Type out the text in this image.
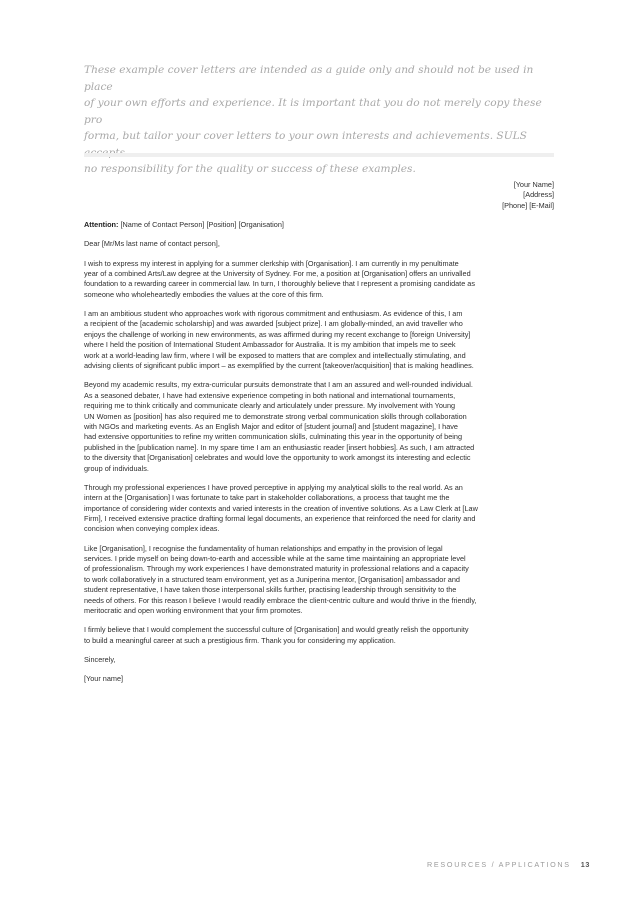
These example cover letters are intended as a guide only and should not be used in place
of your own efforts and experience. It is important that you do not merely copy these pro
forma, but tailor your cover letters to your own interests and achievements. SULS
no responsibility for the quality or success of these examples.
[Your Name]
[Address]
[Phone] [E-Mail]

Attention: [Name of Contact Person] [Position] [Organisation]

Dear [Mr/Ms last name of contact person],

I wish to express my interest in applying for a summer clerkship with [Organisation]. I am currently in my penultimate
year of a combined Arts/Law degree at the University of Sydney. For me, a position at [Organisation] offers an unrivalled
foundation to a rewarding career in commercial law. In turn, I thoroughly believe that I represent a promising candidate as
someone who wholeheartedly embodies the values at the core of this firm.

I am an ambitious student who approaches work with rigorous commitment and enthusiasm. As evidence of this, I am
a recipient of the [academic scholarship] and was awarded [subject prize]. I am globally-minded, an avid traveller who
enjoys the challenge of working in new environments, as was affirmed during my recent exchange to [foreign University]
where I held the position of International Student Ambassador for Australia. It is my ambition that impels me to seek
work at a world-leading law firm, where I will be exposed to matters that are complex and intellectually stimulating, and
advising clients of significant public import – as exemplified by the current [takeover/acquisition] that is making headlines.

Beyond my academic results, my extra-curricular pursuits demonstrate that I am an assured and well-rounded individual.
As a seasoned debater, I have had extensive experience competing in both national and international tournaments,
requiring me to think critically and communicate clearly and articulately under pressure. My involvement with Young
UN Women as [position] has also required me to demonstrate strong verbal communication skills through collaboration
with NGOs and marketing events. As an English Major and editor of [student journal] and [student magazine], I have
had extensive opportunities to refine my written communication skills, culminating this year in the opportunity of being
published in the [publication name]. In my spare time I am an enthusiastic reader [insert hobbies]. As such, I am attracted
to the diversity that [Organisation] celebrates and would love the opportunity to work amongst its interesting and eclectic
group of individuals.

Through my professional experiences I have proved perceptive in applying my analytical skills to the real world. As an
intern at the [Organisation] I was fortunate to take part in stakeholder collaborations, a process that taught me the
importance of considering wider contexts and varied interests in the creation of inventive solutions. As a Law Clerk at [Law
Firm], I received extensive practice drafting formal legal documents, an experience that reinforced the need for clarity and
concision when conveying complex ideas.

Like [Organisation], I recognise the fundamentality of human relationships and empathy in the provision of legal
services. I pride myself on being down-to-earth and accessible while at the same time maintaining an appropriate level
of professionalism. Through my work experiences I have demonstrated maturity in professional relations and a capacity
to work collaboratively in a structured team environment, yet as a Juniperina mentor, [Organisation] ambassador and
student representative, I have taken those interpersonal skills further, practising leadership through sensitivity to the
needs of others. For this reason I believe I would readily embrace the client-centric culture and would thrive in the friendly,
meritocratic and open working environment that your firm promotes.

I firmly believe that I would complement the successful culture of [Organisation] and would greatly relish the opportunity
to build a meaningful career at such a prestigious firm. Thank you for considering my application.

Sincerely,

[Your name]

RESOURCES / APPLICATIONS 13
